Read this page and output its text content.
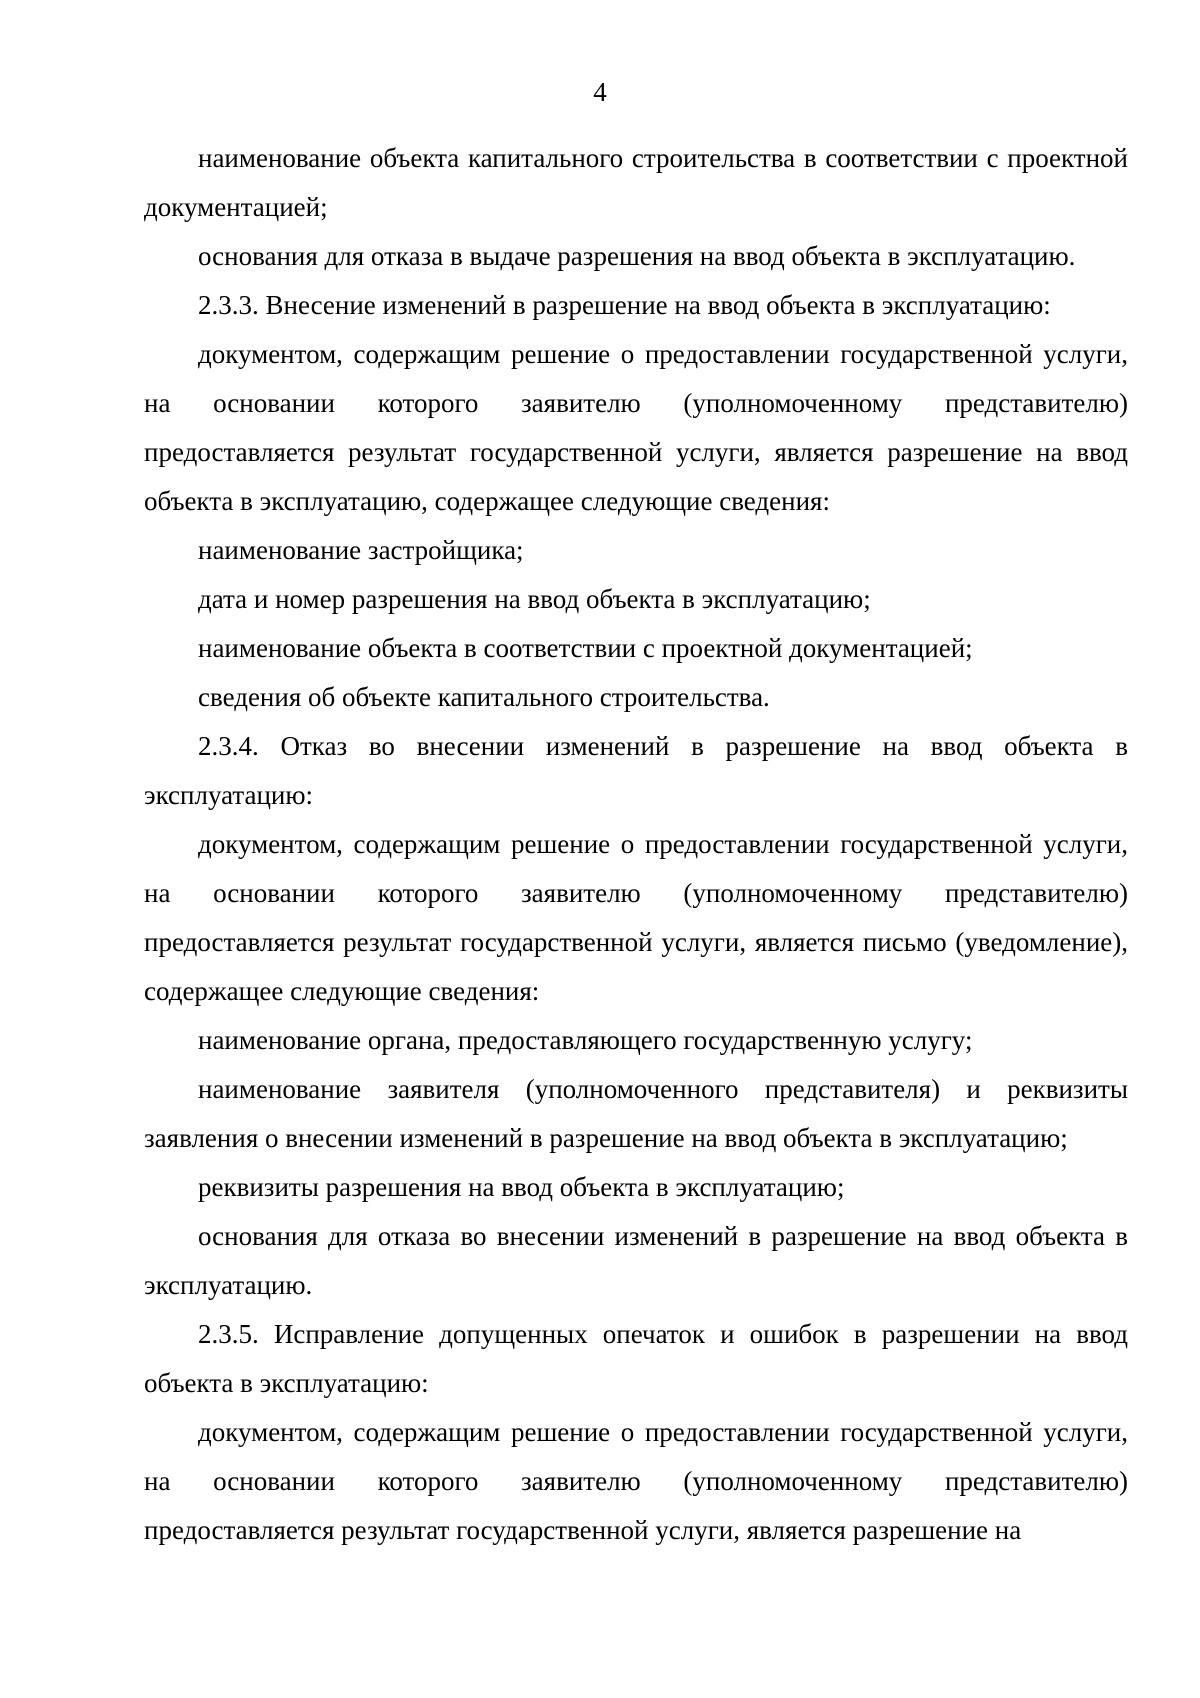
4

наименование объекта капитального строительства в соответствии с проектной документацией;

основания для отказа в выдаче разрешения на ввод объекта в эксплуатацию.

2.3.3. Внесение изменений в разрешение на ввод объекта в эксплуатацию:

документом, содержащим решение о предоставлении государственной услуги, на основании которого заявителю (уполномоченному представителю) предоставляется результат государственной услуги, является разрешение на ввод объекта в эксплуатацию, содержащее следующие сведения:

наименование застройщика;

дата и номер разрешения на ввод объекта в эксплуатацию;

наименование объекта в соответствии с проектной документацией;

сведения об объекте капитального строительства.

2.3.4. Отказ во внесении изменений в разрешение на ввод объекта в эксплуатацию:

документом, содержащим решение о предоставлении государственной услуги, на основании которого заявителю (уполномоченному представителю) предоставляется результат государственной услуги, является письмо (уведомление), содержащее следующие сведения:

наименование органа, предоставляющего государственную услугу;

наименование заявителя (уполномоченного представителя) и реквизиты заявления о внесении изменений в разрешение на ввод объекта в эксплуатацию;

реквизиты разрешения на ввод объекта в эксплуатацию;

основания для отказа во внесении изменений в разрешение на ввод объекта в эксплуатацию.

2.3.5. Исправление допущенных опечаток и ошибок в разрешении на ввод объекта в эксплуатацию:

документом, содержащим решение о предоставлении государственной услуги, на основании которого заявителю (уполномоченному представителю) предоставляется результат государственной услуги, является разрешение на
